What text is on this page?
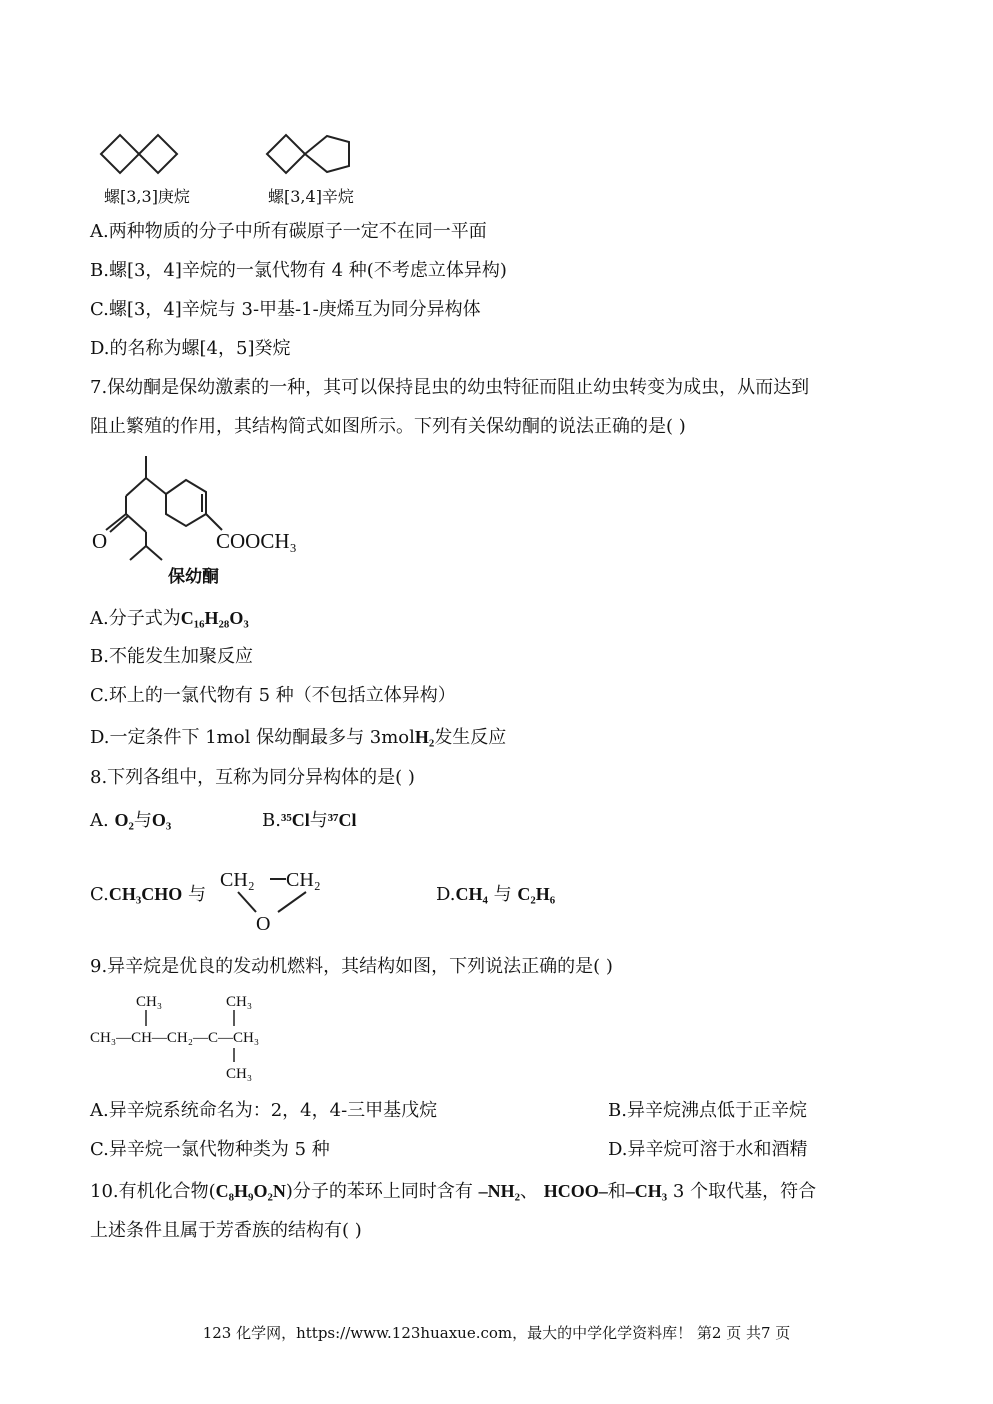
螺[3,3]庚烷	螺[3,4]辛烷
A.两种物质的分子中所有碳原子一定不在同一平面
B.螺[3，4]辛烷的一氯代物有 4 种(不考虑立体异构)
C.螺[3，4]辛烷与 3-甲基-1-庚烯互为同分异构体
D.的名称为螺[4，5]癸烷
7.保幼酮是保幼激素的一种，其可以保持昆虫的幼虫特征而阻止幼虫转变为成虫，从而达到
阻止繁殖的作用，其结构简式如图所示。下列有关保幼酮的说法正确的是( )
O	COOCH₃
保幼酮
A.分子式为C₁₆H₂₈O₃
B.不能发生加聚反应
C.环上的一氯代物有 5 种（不包括立体异构）
D.一定条件下 1mol 保幼酮最多与 3molH₂发生反应
8.下列各组中，互称为同分异构体的是( )
A. O₂与O₃	B.³⁵Cl与³⁷Cl
C.CH₃CHO 与
CH₂ CH₂
O
D.CH₄ 与 C₂H₆
9.异辛烷是优良的发动机燃料，其结构如图，下列说法正确的是( )
CH₃	CH₃
CH₃—CH—CH₂—C—CH₃
CH₃
A.异辛烷系统命名为：2，4，4-三甲基戊烷	B.异辛烷沸点低于正辛烷
C.异辛烷一氯代物种类为 5 种	D.异辛烷可溶于水和酒精
10.有机化合物(C₈H₉O₂N)分子的苯环上同时含有 –NH₂、 HCOO–和–CH₃ 3 个取代基，符合
上述条件且属于芳香族的结构有( )
123 化学网，https://www.123huaxue.com，最大的中学化学资料库！ 第2 页 共7 页
